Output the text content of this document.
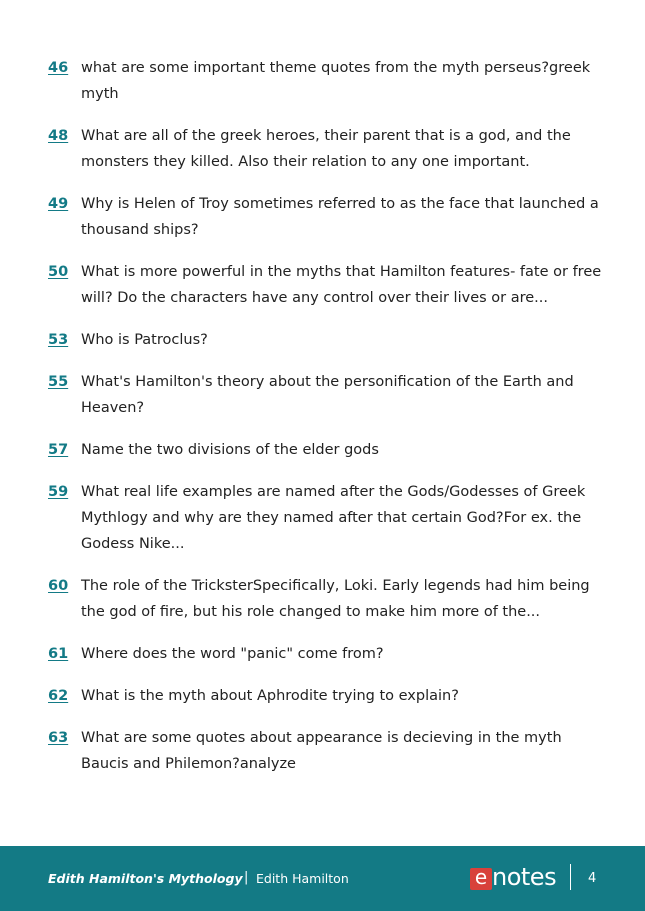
46 what are some important theme quotes from the myth perseus?greek myth
48 What are all of the greek heroes, their parent that is a god, and the monsters they killed. Also their relation to any one important.
49 Why is Helen of Troy sometimes referred to as the face that launched a thousand ships?
50 What is more powerful in the myths that Hamilton features- fate or free will? Do the characters have any control over their lives or are...
53 Who is Patroclus?
55 What's Hamilton's theory about the personification of the Earth and Heaven?
57 Name the two divisions of the elder gods
59 What real life examples are named after the Gods/Godesses of Greek Mythlogy and why are they named after that certain God?For ex. the Godess Nike...
60 The role of the TricksterSpecifically, Loki. Early legends had him being the god of fire, but his role changed to make him more of the...
61 Where does the word "panic" come from?
62 What is the myth about Aphrodite trying to explain?
63 What are some quotes about appearance is decieving in the myth Baucis and Philemon?analyze
Edith Hamilton's Mythology | Edith Hamilton	e notes 4
